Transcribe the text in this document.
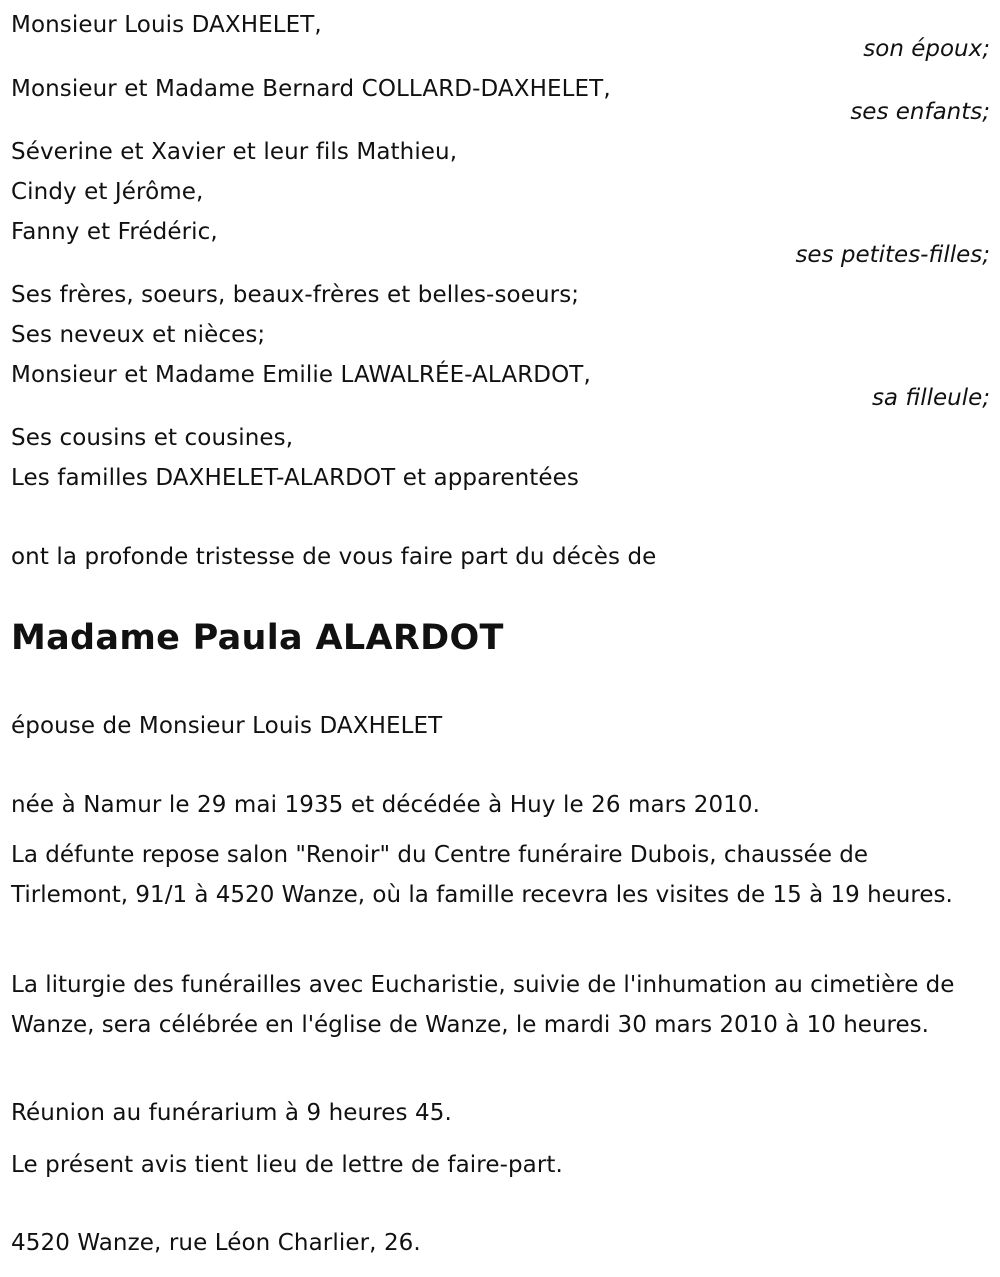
Monsieur Louis DAXHELET,
son époux;
Monsieur et Madame Bernard COLLARD-DAXHELET,
ses enfants;
Séverine et Xavier et leur fils Mathieu,
Cindy et Jérôme,
Fanny et Frédéric,
ses petites-filles;
Ses frères, soeurs, beaux-frères et belles-soeurs;
Ses neveux et nièces;
Monsieur et Madame Emilie LAWALRÉE-ALARDOT,
sa filleule;
Ses cousins et cousines,
Les familles DAXHELET-ALARDOT et apparentées
ont la profonde tristesse de vous faire part du décès de
Madame Paula ALARDOT
épouse de Monsieur Louis DAXHELET
née à Namur le 29 mai 1935 et décédée à Huy le 26 mars 2010.
La défunte repose salon "Renoir" du Centre funéraire Dubois, chaussée de Tirlemont, 91/1 à 4520 Wanze, où la famille recevra les visites de 15 à 19 heures.
La liturgie des funérailles avec Eucharistie, suivie de l'inhumation au cimetière de Wanze, sera célébrée en l'église de Wanze, le mardi 30 mars 2010 à 10 heures.
Réunion au funérarium à 9 heures 45.
Le présent avis tient lieu de lettre de faire-part.
4520 Wanze, rue Léon Charlier, 26.
